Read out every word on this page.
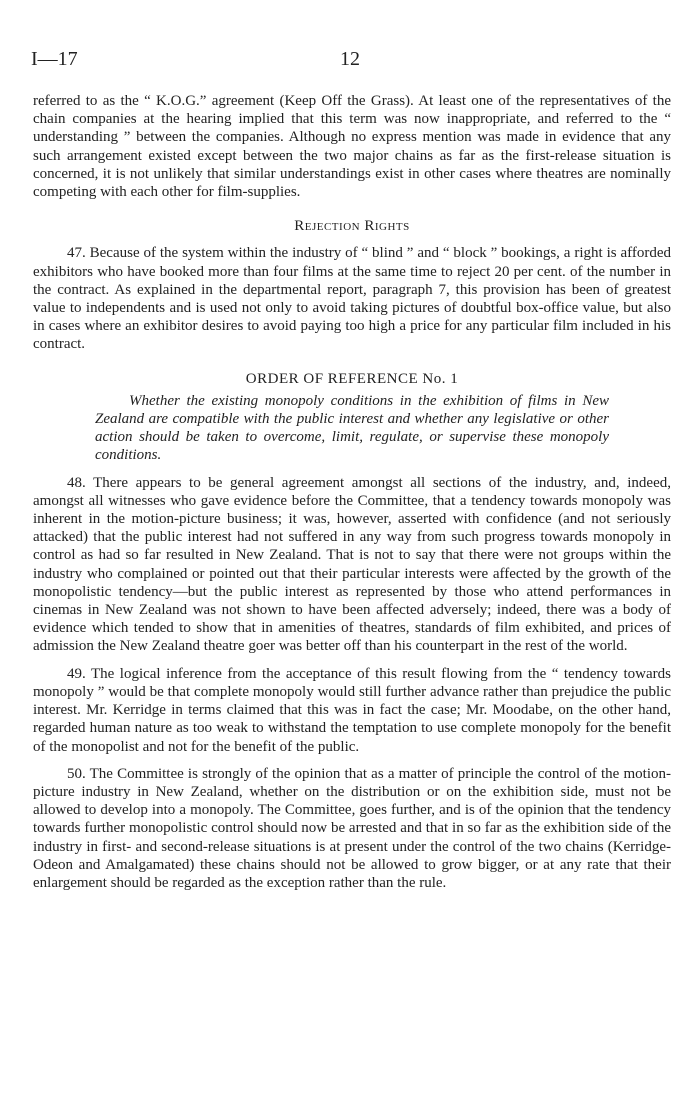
I—17	12

referred to as the “ K.O.G.” agreement (Keep Off the Grass). At least one of the representatives of the chain companies at the hearing implied that this term was now inappropriate, and referred to the “ understanding ” between the companies. Although no express mention was made in evidence that any such arrangement existed except between the two major chains as far as the first-release situation is concerned, it is not unlikely that similar understandings exist in other cases where theatres are nominally competing with each other for film-supplies.

Rejection Rights

47. Because of the system within the industry of “ blind ” and “ block ” bookings, a right is afforded exhibitors who have booked more than four films at the same time to reject 20 per cent. of the number in the contract. As explained in the departmental report, paragraph 7, this provision has been of greatest value to independents and is used not only to avoid taking pictures of doubtful box-office value, but also in cases where an exhibitor desires to avoid paying too high a price for any particular film included in his contract.

ORDER OF REFERENCE No. 1

Whether the existing monopoly conditions in the exhibition of films in New Zealand are compatible with the public interest and whether any legislative or other action should be taken to overcome, limit, regulate, or supervise these monopoly conditions.

48. There appears to be general agreement amongst all sections of the industry, and, indeed, amongst all witnesses who gave evidence before the Committee, that a tendency towards monopoly was inherent in the motion-picture business; it was, however, asserted with confidence (and not seriously attacked) that the public interest had not suffered in any way from such progress towards monopoly in control as had so far resulted in New Zealand. That is not to say that there were not groups within the industry who complained or pointed out that their particular interests were affected by the growth of the monopolistic tendency—but the public interest as represented by those who attend performances in cinemas in New Zealand was not shown to have been affected adversely; indeed, there was a body of evidence which tended to show that in amenities of theatres, standards of film exhibited, and prices of admission the New Zealand theatre goer was better off than his counterpart in the rest of the world.

49. The logical inference from the acceptance of this result flowing from the “ tendency towards monopoly ” would be that complete monopoly would still further advance rather than prejudice the public interest. Mr. Kerridge in terms claimed that this was in fact the case; Mr. Moodabe, on the other hand, regarded human nature as too weak to withstand the temptation to use complete monopoly for the benefit of the monopolist and not for the benefit of the public.

50. The Committee is strongly of the opinion that as a matter of principle the control of the motion-picture industry in New Zealand, whether on the distribution or on the exhibition side, must not be allowed to develop into a monopoly. The Committee, goes further, and is of the opinion that the tendency towards further monopolistic control should now be arrested and that in so far as the exhibition side of the industry in first- and second-release situations is at present under the control of the two chains (Kerridge-Odeon and Amalgamated) these chains should not be allowed to grow bigger, or at any rate that their enlargement should be regarded as the exception rather than the rule.
